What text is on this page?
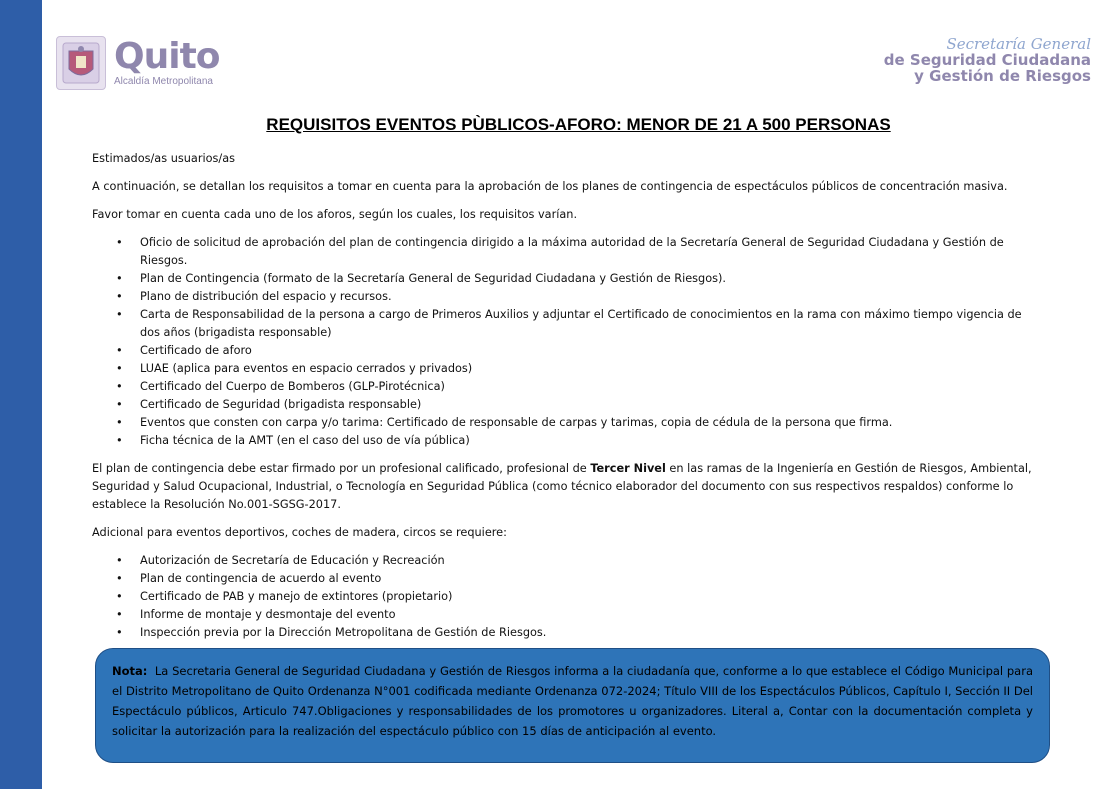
Quito
Alcaldía Metropolitana
Secretaría General
de Seguridad Ciudadana
y Gestión de Riesgos
REQUISITOS EVENTOS PÙBLICOS-AFORO: MENOR DE 21 A 500 PERSONAS

Estimados/as usuarios/as

A continuación, se detallan los requisitos a tomar en cuenta para la aprobación de los planes de contingencia de espectáculos públicos de concentración masiva.

Favor tomar en cuenta cada uno de los aforos, según los cuales, los requisitos varían.

• Oficio de solicitud de aprobación del plan de contingencia dirigido a la máxima autoridad de la Secretaría General de Seguridad Ciudadana y Gestión de Riesgos.
• Plan de Contingencia (formato de la Secretaría General de Seguridad Ciudadana y Gestión de Riesgos).
• Plano de distribución del espacio y recursos.
• Carta de Responsabilidad de la persona a cargo de Primeros Auxilios y adjuntar el Certificado de conocimientos en la rama con máximo tiempo vigencia de dos años (brigadista responsable)
• Certificado de aforo
• LUAE (aplica para eventos en espacio cerrados y privados)
• Certificado del Cuerpo de Bomberos (GLP-Pirotécnica)
• Certificado de Seguridad (brigadista responsable)
• Eventos que consten con carpa y/o tarima: Certificado de responsable de carpas y tarimas, copia de cédula de la persona que firma.
• Ficha técnica de la AMT (en el caso del uso de vía pública)

El plan de contingencia debe estar firmado por un profesional calificado, profesional de Tercer Nivel en las ramas de la Ingeniería en Gestión de Riesgos, Ambiental, Seguridad y Salud Ocupacional, Industrial, o Tecnología en Seguridad Pública (como técnico elaborador del documento con sus respectivos respaldos) conforme lo establece la Resolución No.001-SGSG-2017.

Adicional para eventos deportivos, coches de madera, circos se requiere:

• Autorización de Secretaría de Educación y Recreación
• Plan de contingencia de acuerdo al evento
• Certificado de PAB y manejo de extintores (propietario)
• Informe de montaje y desmontaje del evento
• Inspección previa por la Dirección Metropolitana de Gestión de Riesgos.
Nota: La Secretaria General de Seguridad Ciudadana y Gestión de Riesgos informa a la ciudadanía que, conforme a lo que establece el Código Municipal para el Distrito Metropolitano de Quito Ordenanza N°001 codificada mediante Ordenanza 072-2024; Título VIII de los Espectáculos Públicos, Capítulo I, Sección II Del Espectáculo públicos, Articulo 747.Obligaciones y responsabilidades de los promotores u organizadores. Literal a, Contar con la documentación completa y solicitar la autorización para la realización del espectáculo público con 15 días de anticipación al evento.
